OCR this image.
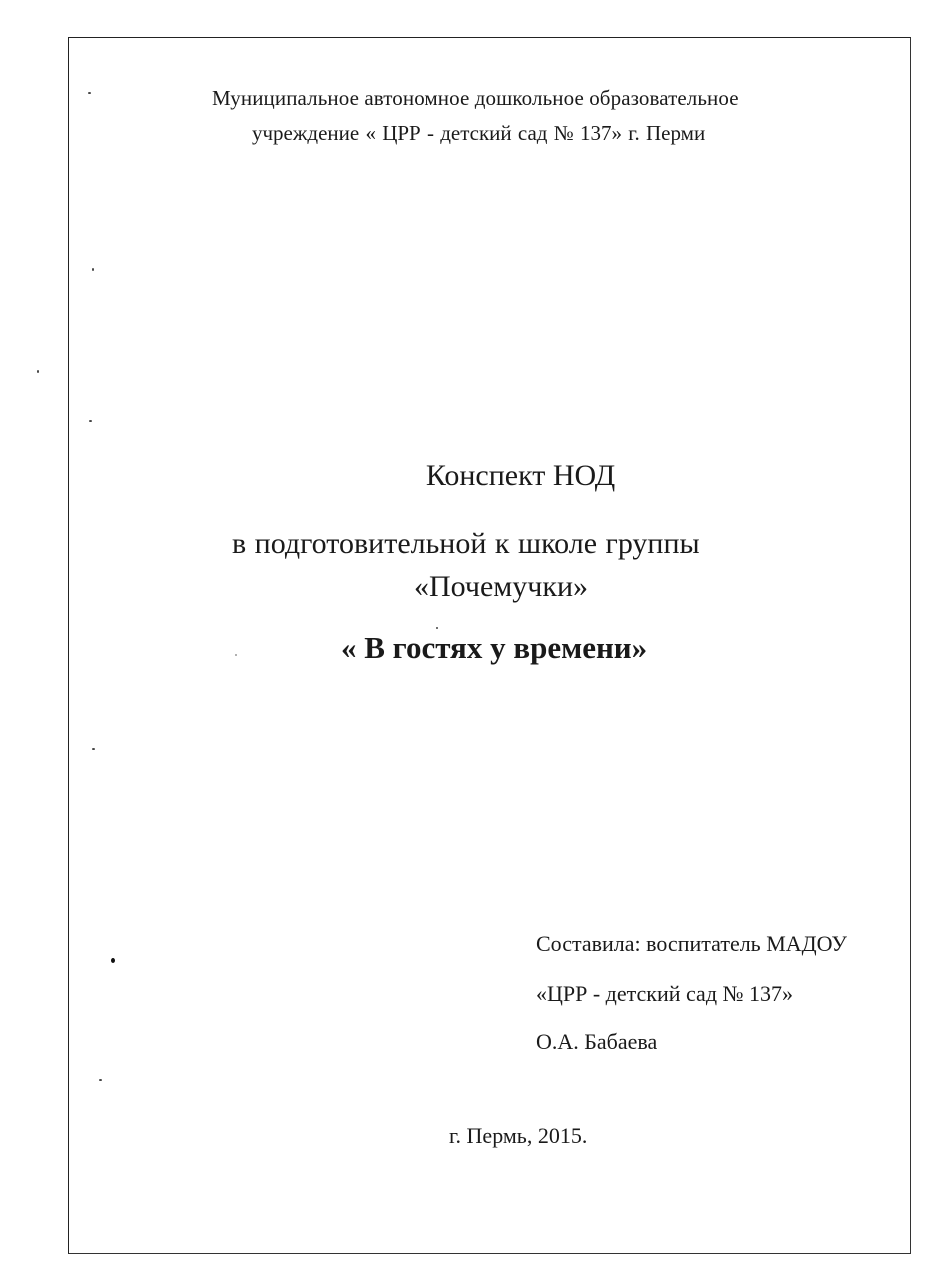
Муниципальное автономное дошкольное образовательное
учреждение « ЦРР - детский сад № 137» г. Перми
Конспект НОД
в подготовительной к школе группы
«Почемучки»
« В гостях у времени»
Составила: воспитатель МАДОУ
«ЦРР - детский сад № 137»
О.А. Бабаева
г. Пермь, 2015.
